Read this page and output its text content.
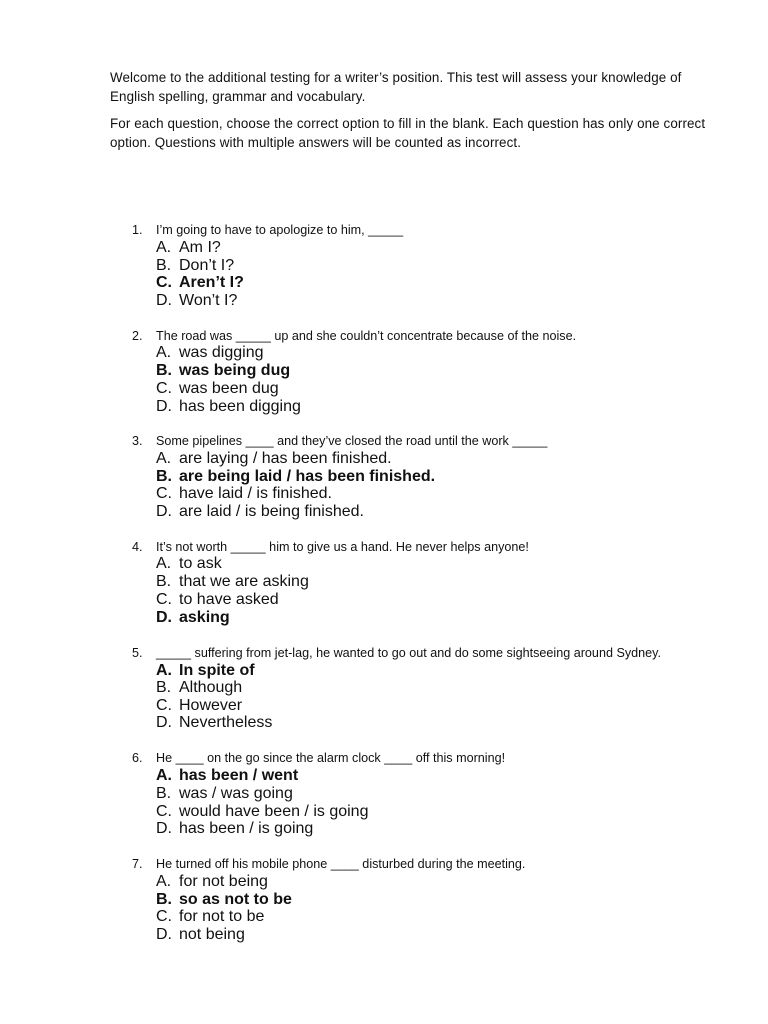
Welcome to the additional testing for a writer’s position. This test will assess your knowledge of English spelling, grammar and vocabulary.

For each question, choose the correct option to fill in the blank. Each question has only one correct option. Questions with multiple answers will be counted as incorrect.

1. I’m going to have to apologize to him, _____
A. Am I?
B. Don’t I?
C. Aren’t I?
D. Won’t I?
2. The road was _____ up and she couldn’t concentrate because of the noise.
A. was digging
B. was being dug
C. was been dug
D. has been digging
3. Some pipelines ____ and they’ve closed the road until the work _____
A. are laying / has been finished.
B. are being laid / has been finished.
C. have laid / is finished.
D. are laid / is being finished.
4. It’s not worth _____ him to give us a hand. He never helps anyone!
A. to ask
B. that we are asking
C. to have asked
D. asking
5. _____ suffering from jet-lag, he wanted to go out and do some sightseeing around Sydney.
A. In spite of
B. Although
C. However
D. Nevertheless
6. He ____ on the go since the alarm clock ____ off this morning!
A. has been / went
B. was / was going
C. would have been / is going
D. has been / is going
7. He turned off his mobile phone ____ disturbed during the meeting.
A. for not being
B. so as not to be
C. for not to be
D. not being
